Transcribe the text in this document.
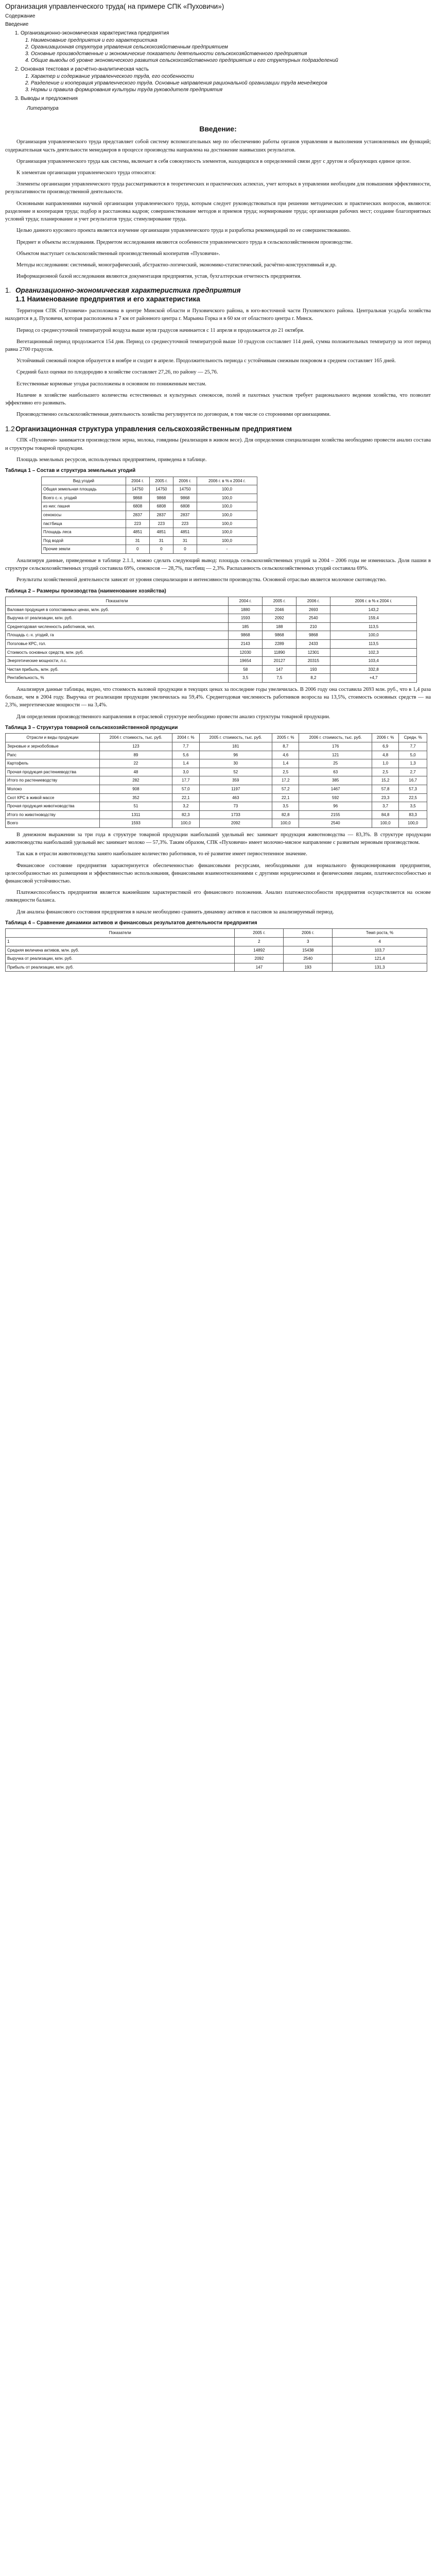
Организация управленческого труда( на примере СПК «Пуховичи»)
Содержание
Введение
1. Организационно-экономическая характеристика предприятия
1. Наименование предприятия и его характеристика
2. Организационная структура управления сельскохозяйственным предприятием
3. Основные производственные и экономические показатели деятельности сельскохозяйственного предприятия
4. Общие выводы об уровне экономического развития сельскохозяйственного предприятия и его структурных подразделений
2. Основная текстовая и расчётно-аналитическая часть
1. Характер и содержание управленческого труда, его особенности
2. Разделение и кооперация управленческого труда. Основные направления рациональной организации труда менеджеров
3. Нормы и правила формирования культуры труда руководителя предприятия
3. Выводы и предложения
Литература
Введение:

Организация управленческого труда представляет собой систему вспомогательных мер по обеспечению работы органов управления и выполнения установленных им функций; содержательная часть деятельности менеджеров в процессе производства направлена на достижение наивысших результатов.

Организация управленческого труда как система, включает в себя совокупность элементов, находящихся в определенной связи друг с другом и образующих единое целое.

К элементам организации управленческого труда относятся:

Элементы организации управленческого труда рассматриваются в теоретических и практических аспектах, учет которых в управлении необходим для повышения эффективности, результативности производственной деятельности.

Основными направлениями научной организации управленческого труда, которым следует руководствоваться при решении методических и практических вопросов, являются: разделение и кооперация труда; подбор и расстановка кадров; совершенствование методов и приемов труда; нормирование труда; организация рабочих мест; создание благоприятных условий труда; планирование и учет результатов труда; стимулирование труда.

Целью данного курсового проекта является изучение организации управленческого труда и разработка рекомендаций по ее совершенствованию.

Предмет и объекты исследования. Предметом исследования являются особенности управленческого труда в сельскохозяйственном производстве.

Объектом выступает сельскохозяйственный производственный кооператив «Пуховичи».

Методы исследования: системный, монографический, абстрактно-логический, экономико-статистический, расчётно-конструктивный и др.

Информационной базой исследования являются документация предприятия, устав, бухгалтерская отчетность предприятия.

1. Организационно-экономическая характеристика предприятия
1.1 Наименование предприятия и его характеристика

Территория СПК «Пуховичи» расположена в центре Минской области и Пуховичского района, в юго-восточной части Пуховичского района. Центральная усадьба хозяйства находится в д. Пуховичи, которая расположена в 7 км от районного центра г. Марьина Горка и в 60 км от областного центра г. Минск.

Период со среднесуточной температурой воздуха выше нуля градусов начинается с 11 апреля и продолжается до 21 октября.

Вегетационный период продолжается 154 дня. Период со среднесуточной температурой выше 10 градусов составляет 114 дней, сумма положительных температур за этот период равна 2700 градусов.

Устойчивый снежный покров образуется в ноябре и сходит в апреле. Продолжительность периода с устойчивым снежным покровом в среднем составляет 165 дней.

Средний балл оценки по плодородию в хозяйстве составляет 27,26, по району — 25,76.

Естественные кормовые угодья расположены в основном по пониженным местам.

Наличие в хозяйстве наибольшего количества естественных и культурных сенокосов, полей и пахотных участков требует рационального ведения хозяйства, что позволит эффективно его развивать.

Производственно сельскохозяйственная деятельность хозяйства регулируется по договорам, в том числе со сторонними организациями.

1.2Организационная структура управления сельскохозяйственным предприятием

СПК «Пуховичи» занимается производством зерна, молока, говядины (реализация в живом весе). Для определения специализации хозяйства необходимо провести анализ состава и структуры товарной продукции.

Площадь земельных ресурсов, используемых предприятием, приведена в таблице.

Таблица 1 – Состав и структура земельных угодий
Вид угодий	2004 г.	2005 г.	2006 г.	2006 г. в % к 2004 г.
Общая земельная площадь	14750	14750	14750	100,0
Всего с.-х. угодий	9868	9868	9868	100,0
из них: пашня	6808	6808	6808	100,0
сенокосы	2837	2837	2837	100,0
пастбища	223	223	223	100,0
Площадь леса	4851	4851	4851	100,0
Под водой	31	31	31	100,0
Прочие земли	0	0	0	-

Анализируя данные, приведенные в таблице 2.1.1, можно сделать следующий вывод: площадь сельскохозяйственных угодий за 2004 – 2006 годы не изменилась. Доля пашни в структуре сельскохозяйственных угодий составила 69%, сенокосов — 28,7%, пастбищ — 2,3%. Распаханность сельскохозяйственных угодий составила 69%.

Результаты хозяйственной деятельности зависят от уровня специализации и интенсивности производства. Основной отраслью является молочное скотоводство.

Таблица 2 – Размеры производства (наименование хозяйства)
Показатели	2004 г.	2005 г.	2006 г.	2006 г. в % к 2004 г.
Валовая продукция в сопоставимых ценах, млн. руб.	1880	2046	2693	143,2
Выручка от реализации, млн. руб.	1593	2092	2540	159,4
Среднегодовая численность работников, чел.	185	188	210	113,5
Площадь с.-х. угодий, га	9868	9868	9868	100,0
Поголовье КРС, гол.	2143	2289	2433	113,5
Стоимость основных средств, млн. руб.	12030	11890	12301	102,3
Энергетические мощности, л.с.	19654	20127	20315	103,4
Чистая прибыль, млн. руб.	58	147	193	332,8
Рентабельность, %	3,5	7,5	8,2	+4,7

Анализируя данные таблицы, видно, что стоимость валовой продукции в текущих ценах за последние годы увеличилась. В 2006 году она составила 2693 млн. руб., что в 1,4 раза больше, чем в 2004 году. Выручка от реализации продукции увеличилась на 59,4%. Среднегодовая численность работников возросла на 13,5%, стоимость основных средств — на 2,3%, энергетические мощности — на 3,4%.

Для определения производственного направления в отраслевой структуре необходимо провести анализ структуры товарной продукции.

Таблица 3 – Структура товарной сельскохозяйственной продукции
Отрасли и виды продукции	2004 г. стоимость, тыс. руб.	2004 г. %	2005 г. стоимость, тыс. руб.	2005 г. %	2006 г. стоимость, тыс. руб.	2006 г. %	Средн. %
Зерновые и зернобобовые	123	7,7	181	8,7	176	6,9	7,7
Рапс	89	5,6	96	4,6	121	4,8	5,0
Картофель	22	1,4	30	1,4	25	1,0	1,3
Прочая продукция растениеводства	48	3,0	52	2,5	63	2,5	2,7
Итого по растениеводству	282	17,7	359	17,2	385	15,2	16,7
Молоко	908	57,0	1197	57,2	1467	57,8	57,3
Скот КРС в живой массе	352	22,1	463	22,1	592	23,3	22,5
Прочая продукция животноводства	51	3,2	73	3,5	96	3,7	3,5
Итого по животноводству	1311	82,3	1733	82,8	2155	84,8	83,3
Всего	1593	100,0	2092	100,0	2540	100,0	100,0

В денежном выражении за три года в структуре товарной продукции наибольший удельный вес занимает продукция животноводства — 83,3%. В структуре продукции животноводства наибольший удельный вес занимает молоко — 57,3%. Таким образом, СПК «Пуховичи» имеет молочно-мясное направление с развитым зерновым производством.

Так как в отрасли животноводства занято наибольшее количество работников, то её развитие имеет первостепенное значение.

Финансовое состояние предприятия характеризуется обеспеченностью финансовыми ресурсами, необходимыми для нормального функционирования предприятия, целесообразностью их размещения и эффективностью использования, финансовыми взаимоотношениями с другими юридическими и физическими лицами, платежеспособностью и финансовой устойчивостью.

Платежеспособность предприятия является важнейшим характеристикой его финансового положения. Анализ платежеспособности предприятия осуществляется на основе ликвидности баланса.

Для анализа финансового состояния предприятия в начале необходимо сравнить динамику активов и пассивов за анализируемый период.

Таблица 4 – Сравнение динамики активов и финансовых результатов деятельности предприятия
Показатели	2005 г.	2006 г.	Темп роста, %
1	2	3	4
Средняя величина активов, млн. руб.	14892	15438	103,7
Выручка от реализации, млн. руб.	2092	2540	121,4
Прибыль от реализации, млн. руб.	147	193	131,3
